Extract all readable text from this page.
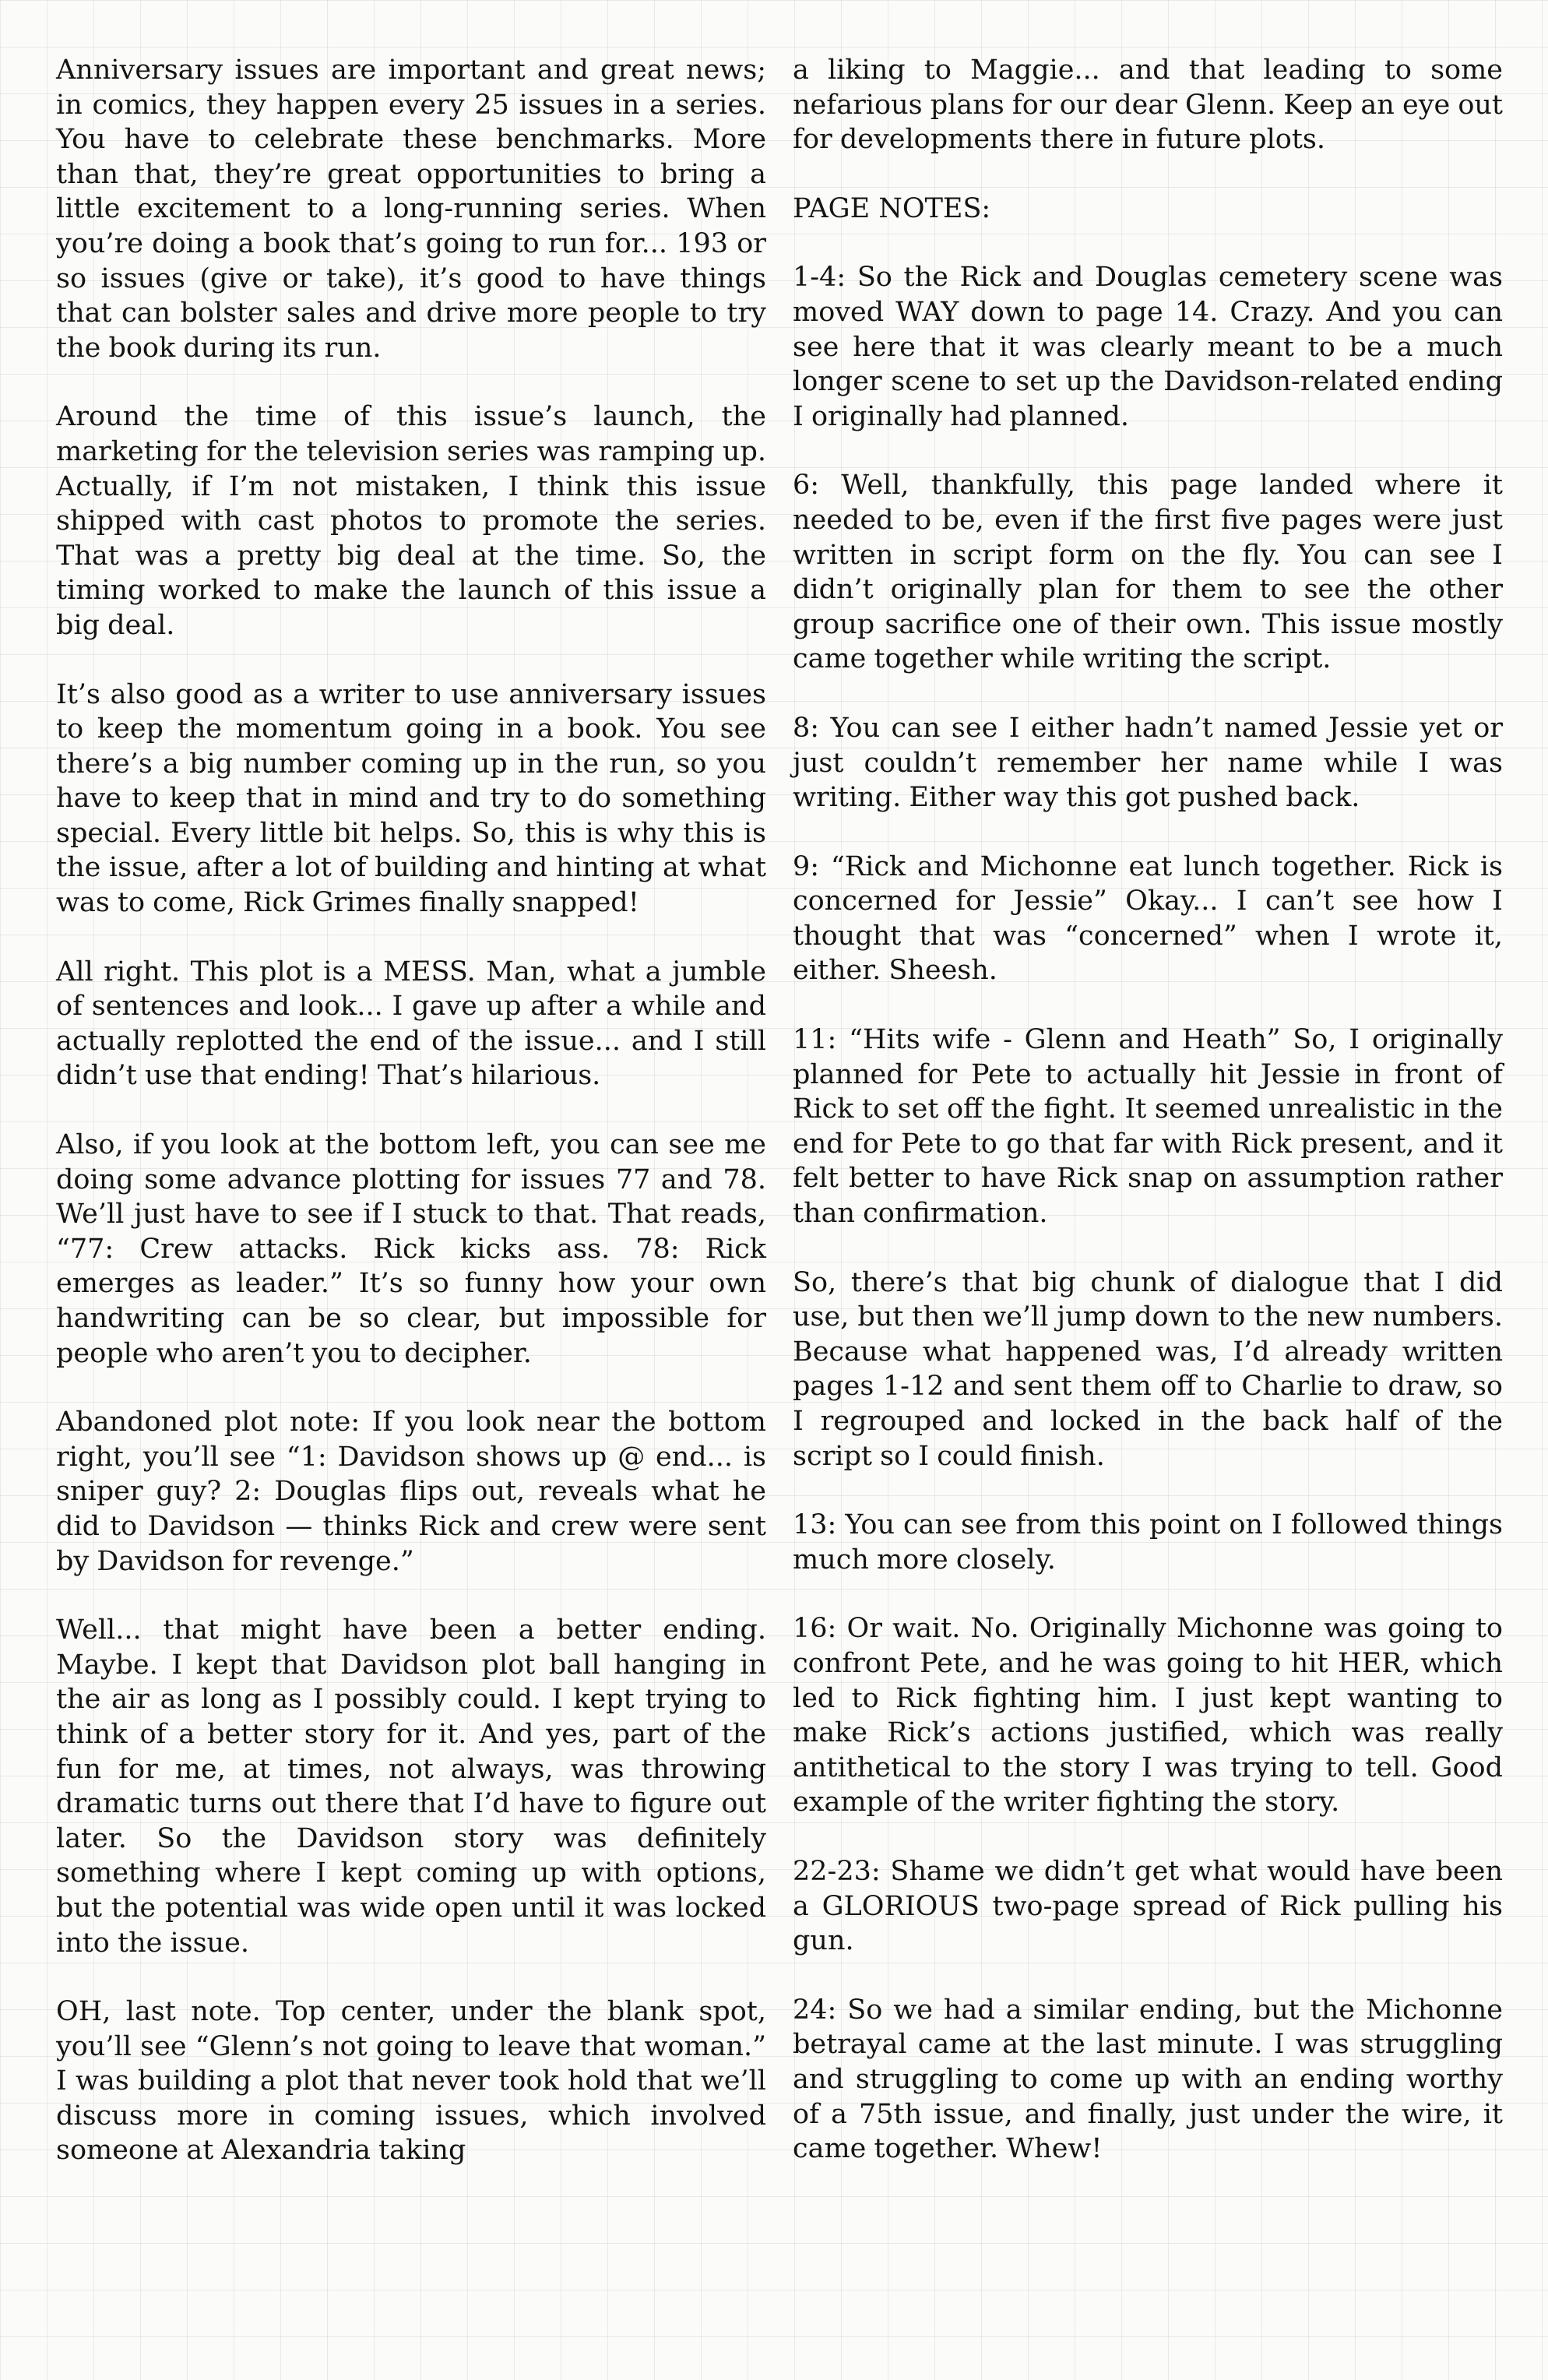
Anniversary issues are important and great news; in comics, they happen every 25 issues in a series. You have to celebrate these benchmarks. More than that, they’re great opportunities to bring a little excitement to a long-running series. When you’re doing a book that’s going to run for... 193 or so issues (give or take), it’s good to have things that can bolster sales and drive more people to try the book during its run.

Around the time of this issue’s launch, the marketing for the television series was ramping up. Actually, if I’m not mistaken, I think this issue shipped with cast photos to promote the series. That was a pretty big deal at the time. So, the timing worked to make the launch of this issue a big deal.

It’s also good as a writer to use anniversary issues to keep the momentum going in a book. You see there’s a big number coming up in the run, so you have to keep that in mind and try to do something special. Every little bit helps. So, this is why this is the issue, after a lot of building and hinting at what was to come, Rick Grimes finally snapped!

All right. This plot is a MESS. Man, what a jumble of sentences and look... I gave up after a while and actually replotted the end of the issue... and I still didn’t use that ending! That’s hilarious.

Also, if you look at the bottom left, you can see me doing some advance plotting for issues 77 and 78. We’ll just have to see if I stuck to that. That reads, “77: Crew attacks. Rick kicks ass. 78: Rick emerges as leader.” It’s so funny how your own handwriting can be so clear, but impossible for people who aren’t you to decipher.

Abandoned plot note: If you look near the bottom right, you’ll see “1: Davidson shows up @ end... is sniper guy? 2: Douglas flips out, reveals what he did to Davidson — thinks Rick and crew were sent by Davidson for revenge.”

Well... that might have been a better ending. Maybe. I kept that Davidson plot ball hanging in the air as long as I possibly could. I kept trying to think of a better story for it. And yes, part of the fun for me, at times, not always, was throwing dramatic turns out there that I’d have to figure out later. So the Davidson story was definitely something where I kept coming up with options, but the potential was wide open until it was locked into the issue.

OH, last note. Top center, under the blank spot, you’ll see “Glenn’s not going to leave that woman.” I was building a plot that never took hold that we’ll discuss more in coming issues, which involved someone at Alexandria taking

a liking to Maggie... and that leading to some nefarious plans for our dear Glenn. Keep an eye out for developments there in future plots.

PAGE NOTES:

1-4: So the Rick and Douglas cemetery scene was moved WAY down to page 14. Crazy. And you can see here that it was clearly meant to be a much longer scene to set up the Davidson-related ending I originally had planned.

6: Well, thankfully, this page landed where it needed to be, even if the first five pages were just written in script form on the fly. You can see I didn’t originally plan for them to see the other group sacrifice one of their own. This issue mostly came together while writing the script.

8: You can see I either hadn’t named Jessie yet or just couldn’t remember her name while I was writing. Either way this got pushed back.

9: “Rick and Michonne eat lunch together. Rick is concerned for Jessie” Okay... I can’t see how I thought that was “concerned” when I wrote it, either. Sheesh.

11: “Hits wife - Glenn and Heath” So, I originally planned for Pete to actually hit Jessie in front of Rick to set off the fight. It seemed unrealistic in the end for Pete to go that far with Rick present, and it felt better to have Rick snap on assumption rather than confirmation.

So, there’s that big chunk of dialogue that I did use, but then we’ll jump down to the new numbers. Because what happened was, I’d already written pages 1-12 and sent them off to Charlie to draw, so I regrouped and locked in the back half of the script so I could finish.

13: You can see from this point on I followed things much more closely.

16: Or wait. No. Originally Michonne was going to confront Pete, and he was going to hit HER, which led to Rick fighting him. I just kept wanting to make Rick’s actions justified, which was really antithetical to the story I was trying to tell. Good example of the writer fighting the story.

22-23: Shame we didn’t get what would have been a GLORIOUS two-page spread of Rick pulling his gun.

24: So we had a similar ending, but the Michonne betrayal came at the last minute. I was struggling and struggling to come up with an ending worthy of a 75th issue, and finally, just under the wire, it came together. Whew!
